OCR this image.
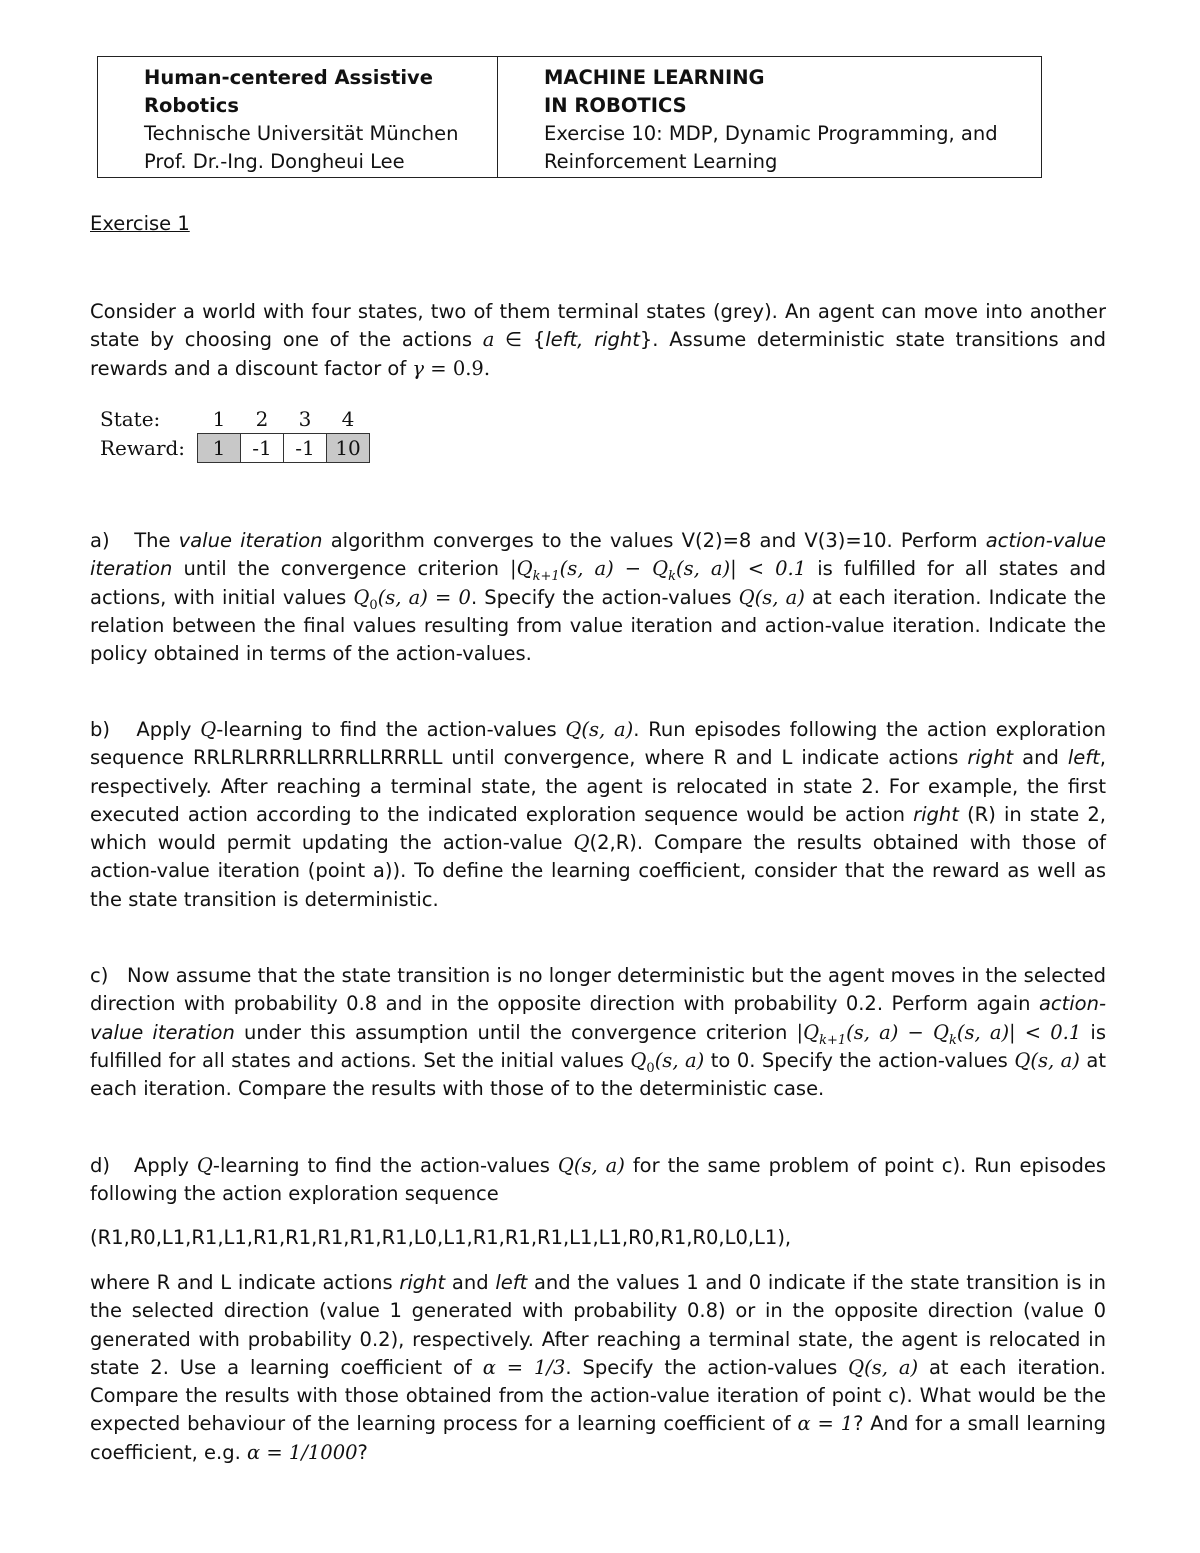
Human-centered Assistive
Robotics
Technische Universität München
Prof. Dr.-Ing. Dongheui Lee
MACHINE LEARNING
IN ROBOTICS
Exercise 10: MDP, Dynamic Programming, and
Reinforcement Learning
Exercise 1
Consider a world with four states, two of them terminal states (grey). An agent can move into another state by choosing one of the actions a ∈ {left, right}. Assume deterministic state transitions and rewards and a discount factor of γ = 0.9.
State:	1	2	3	4
Reward:	1	-1	-1	10
a) The value iteration algorithm converges to the values V(2)=8 and V(3)=10. Perform action-value iteration until the convergence criterion $|Q_{k+1}(s$, $a) - Q_k(s$, a)| < 0.1 is fulfilled for all states and actions, with initial values $Q_0(s$, a) = 0. Specify the action-values Q(s, a) at each iteration. Indicate the relation between the final values resulting from value iteration and action-value iteration. Indicate the policy obtained in terms of the action-values.
b) Apply Q-learning to find the action-values Q(s, a). Run episodes following the action exploration sequence RRLRLRRRLLRRRLLRRRLL until convergence, where R and L indicate actions right and left, respectively. After reaching a terminal state, the agent is relocated in state 2. For example, the first executed action according to the indicated exploration sequence would be action right (R) in state 2, which would permit updating the action-value Q(2,R). Compare the results obtained with those of action-value iteration (point a)). To define the learning coefficient, consider that the reward as well as the state transition is deterministic.
c) Now assume that the state transition is no longer deterministic but the agent moves in the selected direction with probability 0.8 and in the opposite direction with probability 0.2. Perform again action-value iteration under this assumption until the convergence criterion $|Q_{k+1}(s$, $a) - Q_k(s$, a)| < 0.1 is fulfilled for all states and actions. Set the initial values $Q_0(s$, a) to 0. Specify the action-values Q(s, a) at each iteration. Compare the results with those of to the deterministic case.
d) Apply Q-learning to find the action-values Q(s, a) for the same problem of point c). Run episodes following the action exploration sequence
(R1,R0,L1,R1,L1,R1,R1,R1,R1,R1,L0,L1,R1,R1,R1,L1,L1,R0,R1,R0,L0,L1),
where R and L indicate actions right and left and the values 1 and 0 indicate if the state transition is in the selected direction (value 1 generated with probability 0.8) or in the opposite direction (value 0 generated with probability 0.2), respectively. After reaching a terminal state, the agent is relocated in state 2. Use a learning coefficient of α = 1/3. Specify the action-values Q(s, a) at each iteration. Compare the results with those obtained from the action-value iteration of point c). What would be the expected behaviour of the learning process for a learning coefficient of α = 1? And for a small learning coefficient, e.g. α = 1/1000?
